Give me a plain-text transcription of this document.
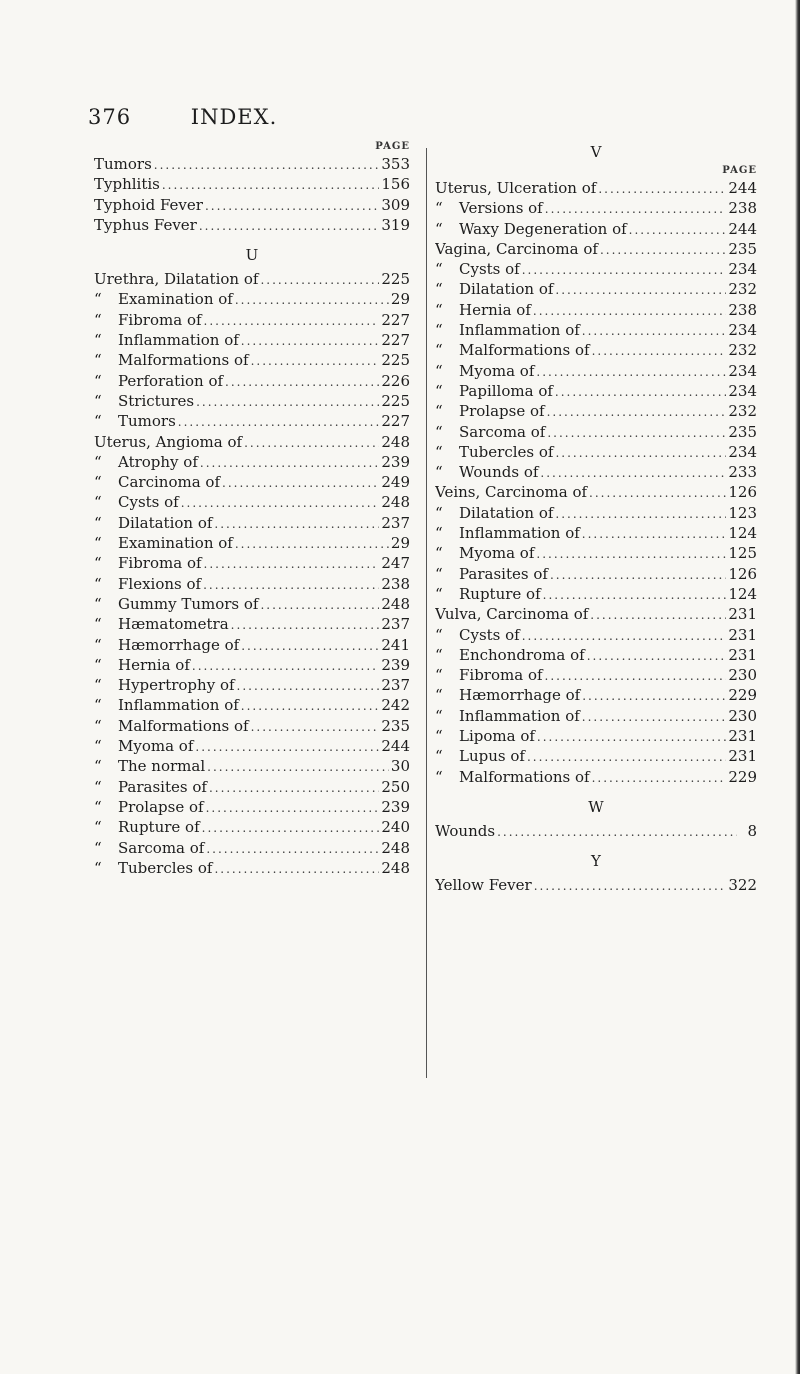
376	INDEX.
PAGE
Tumors .....	353
Typhlitis .....	156
Typhoid Fever .....	309
Typhus Fever .....	319
U
Urethra, Dilatation of .....	225
“	Examination of .....	29
“	Fibroma of .....	227
“	Inflammation of .....	227
“	Malformations of .....	225
“	Perforation of .....	226
“	Strictures .....	225
“	Tumors .....	227
Uterus, Angioma of .....	248
“	Atrophy of .....	239
“	Carcinoma of .....	249
“	Cysts of .....	248
“	Dilatation of .....	237
“	Examination of .....	29
“	Fibroma of .....	247
“	Flexions of .....	238
“	Gummy Tumors of .....	248
“	Hæmatometra .....	237
“	Hæmorrhage of .....	241
“	Hernia of .....	239
“	Hypertrophy of .....	237
“	Inflammation of .....	242
“	Malformations of .....	235
“	Myoma of .....	244
“	The normal .....	30
“	Parasites of .....	250
“	Prolapse of .....	239
“	Rupture of .....	240
“	Sarcoma of .....	248
“	Tubercles of .....	248
V
PAGE
Uterus, Ulceration of .....	244
“	Versions of .....	238
“	Waxy Degeneration of .....	244
Vagina, Carcinoma of .....	235
“	Cysts of .....	234
“	Dilatation of .....	232
“	Hernia of .....	238
“	Inflammation of .....	234
“	Malformations of .....	232
“	Myoma of .....	234
“	Papilloma of .....	234
“	Prolapse of .....	232
“	Sarcoma of .....	235
“	Tubercles of .....	234
“	Wounds of .....	233
Veins, Carcinoma of .....	126
“	Dilatation of .....	123
“	Inflammation of .....	124
“	Myoma of .....	125
“	Parasites of .....	126
“	Rupture of .....	124
Vulva, Carcinoma of .....	231
“	Cysts of .....	231
“	Enchondroma of .....	231
“	Fibroma of .....	230
“	Hæmorrhage of .....	229
“	Inflammation of .....	230
“	Lipoma of .....	231
“	Lupus of .....	231
“	Malformations of .....	229
W
Wounds .....	8
Y
Yellow Fever .....	322
